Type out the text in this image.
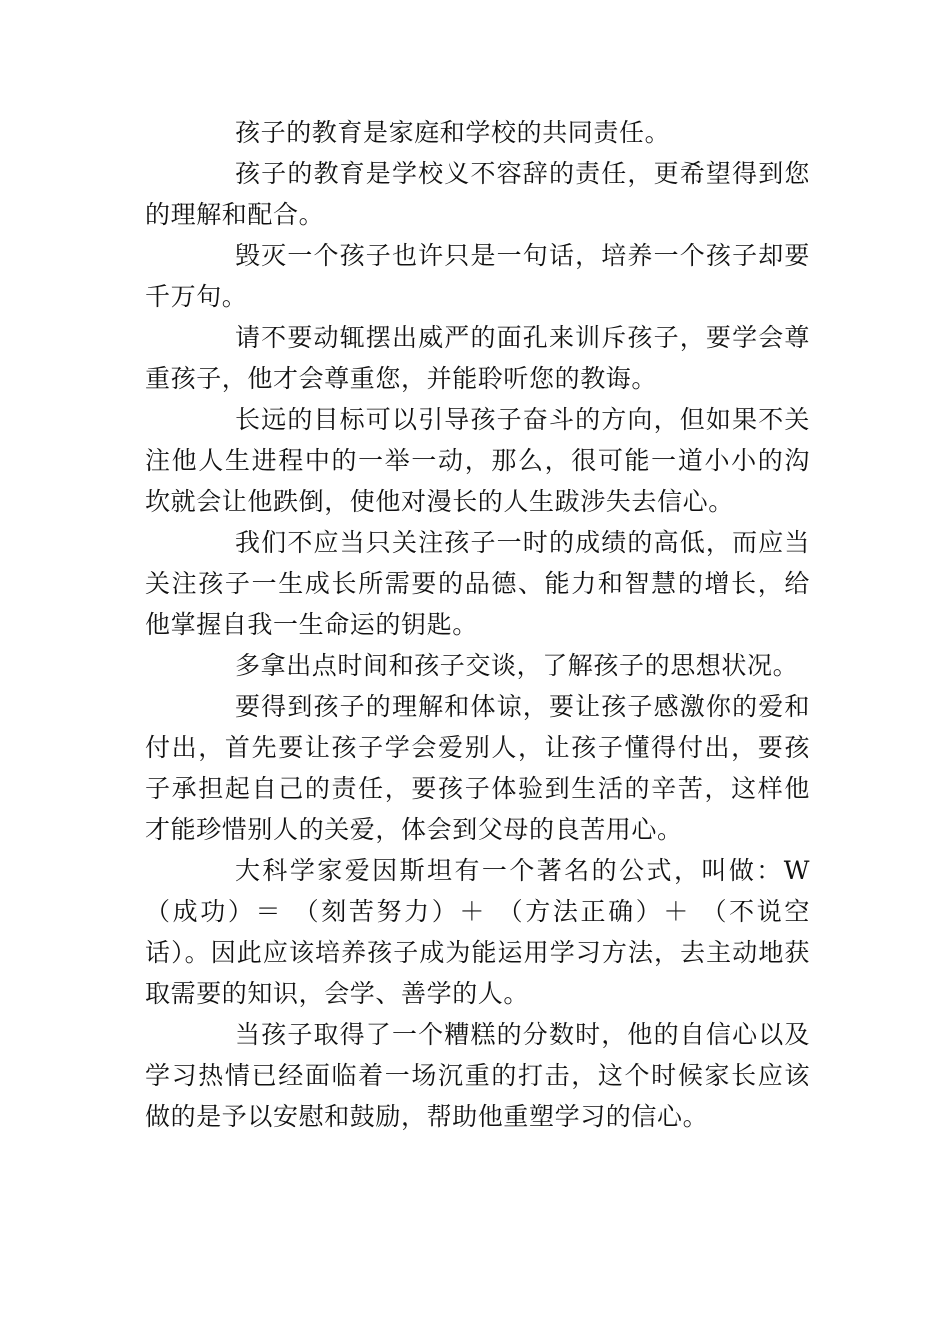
孩子的教育是家庭和学校的共同责任。

孩子的教育是学校义不容辞的责任，更希望得到您的理解和配合。

毁灭一个孩子也许只是一句话，培养一个孩子却要千万句。

请不要动辄摆出威严的面孔来训斥孩子，要学会尊重孩子，他才会尊重您，并能聆听您的教诲。

长远的目标可以引导孩子奋斗的方向，但如果不关注他人生进程中的一举一动，那么，很可能一道小小的沟坎就会让他跌倒，使他对漫长的人生跋涉失去信心。

我们不应当只关注孩子一时的成绩的高低，而应当关注孩子一生成长所需要的品德、能力和智慧的增长，给他掌握自我一生命运的钥匙。

多拿出点时间和孩子交谈，了解孩子的思想状况。

要得到孩子的理解和体谅，要让孩子感激你的爱和付出，首先要让孩子学会爱别人，让孩子懂得付出，要孩子承担起自己的责任，要孩子体验到生活的辛苦，这样他才能珍惜别人的关爱，体会到父母的良苦用心。

大科学家爱因斯坦有一个著名的公式，叫做：W（成功）＝ （刻苦努力）＋ （方法正确）＋ （不说空话）。因此应该培养孩子成为能运用学习方法，去主动地获取需要的知识，会学、善学的人。

当孩子取得了一个糟糕的分数时，他的自信心以及学习热情已经面临着一场沉重的打击，这个时候家长应该做的是予以安慰和鼓励，帮助他重塑学习的信心。
